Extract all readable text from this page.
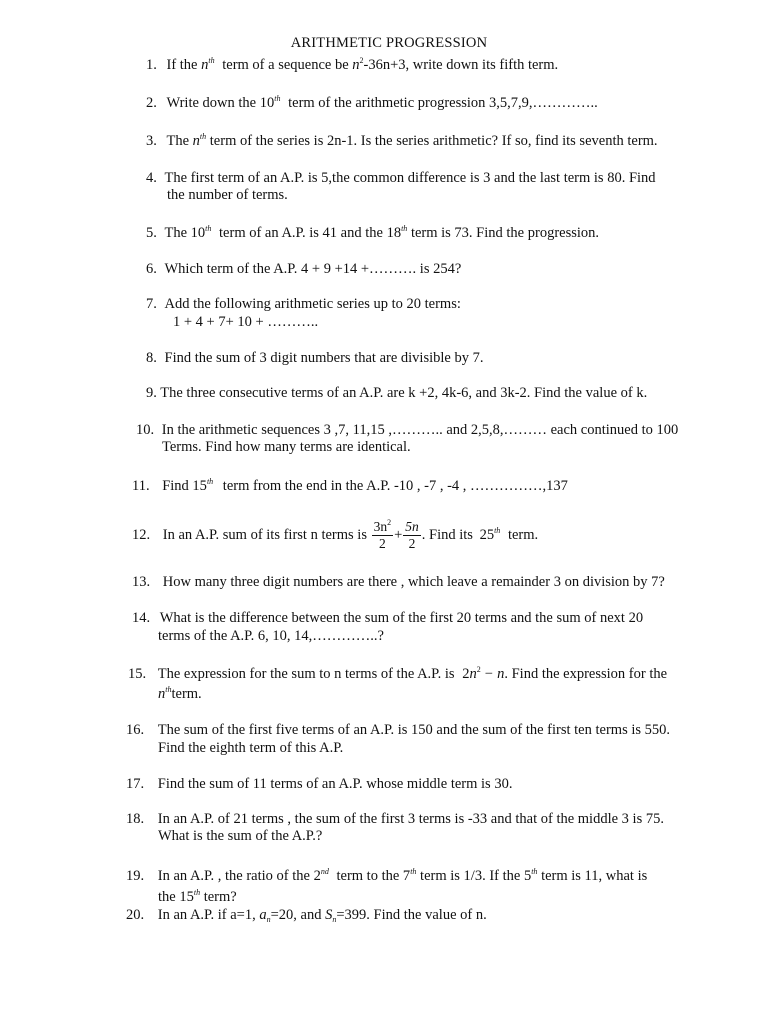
ARITHMETIC PROGRESSION
1. If the $n^{th}$ term of a sequence be $n^2-36n+3$, write down its fifth term.
2. Write down the 10th term of the arithmetic progression 3,5,7,9,…………..
3. The $n^{th}$ term of the series is 2n-1. Is the series arithmetic? If so, find its seventh term.
4. The first term of an A.P. is 5,the common difference is 3 and the last term is 80. Find
the number of terms.
5. The 10th term of an A.P. is 41 and the 18th term is 73. Find the progression.
6. Which term of the A.P. 4 + 9 +14 +………. is 254?
7. Add the following arithmetic series up to 20 terms:
1 + 4 + 7+ 10 + ………..
8. Find the sum of 3 digit numbers that are divisible by 7.
9. The three consecutive terms of an A.P. are k +2, 4k-6, and 3k-2. Find the value of k.
10. In the arithmetic sequences 3 ,7, 11,15 ,……….. and 2,5,8,……… each continued to 100
Terms. Find how many terms are identical.
11. Find 15th term from the end in the A.P. -10 , -7 , -4 , ……………,137
12. In an A.P. sum of its first n terms is $\frac{3n^2}{2} + \frac{5n}{2}$ . Find its 25th term.
13. How many three digit numbers are there , which leave a remainder 3 on division by 7?
14. What is the difference between the sum of the first 20 terms and the sum of next 20
terms of the A.P. 6, 10, 14,…………..?
15. The expression for the sum to n terms of the A.P. is $2n^2 - n$. Find the expression for the
$n^{th}term$.
16. The sum of the first five terms of an A.P. is 150 and the sum of the first ten terms is 550.
Find the eighth term of this A.P.
17. Find the sum of 11 terms of an A.P. whose middle term is 30.
18. In an A.P. of 21 terms , the sum of the first 3 terms is -33 and that of the middle 3 is 75.
What is the sum of the A.P.?
19. In an A.P. , the ratio of the 2nd term to the 7th term is 1/3. If the 5th term is 11, what is
the 15th term?
20. In an A.P. if a=1, $a_n=20$, and $S_n=399$. Find the value of n.
